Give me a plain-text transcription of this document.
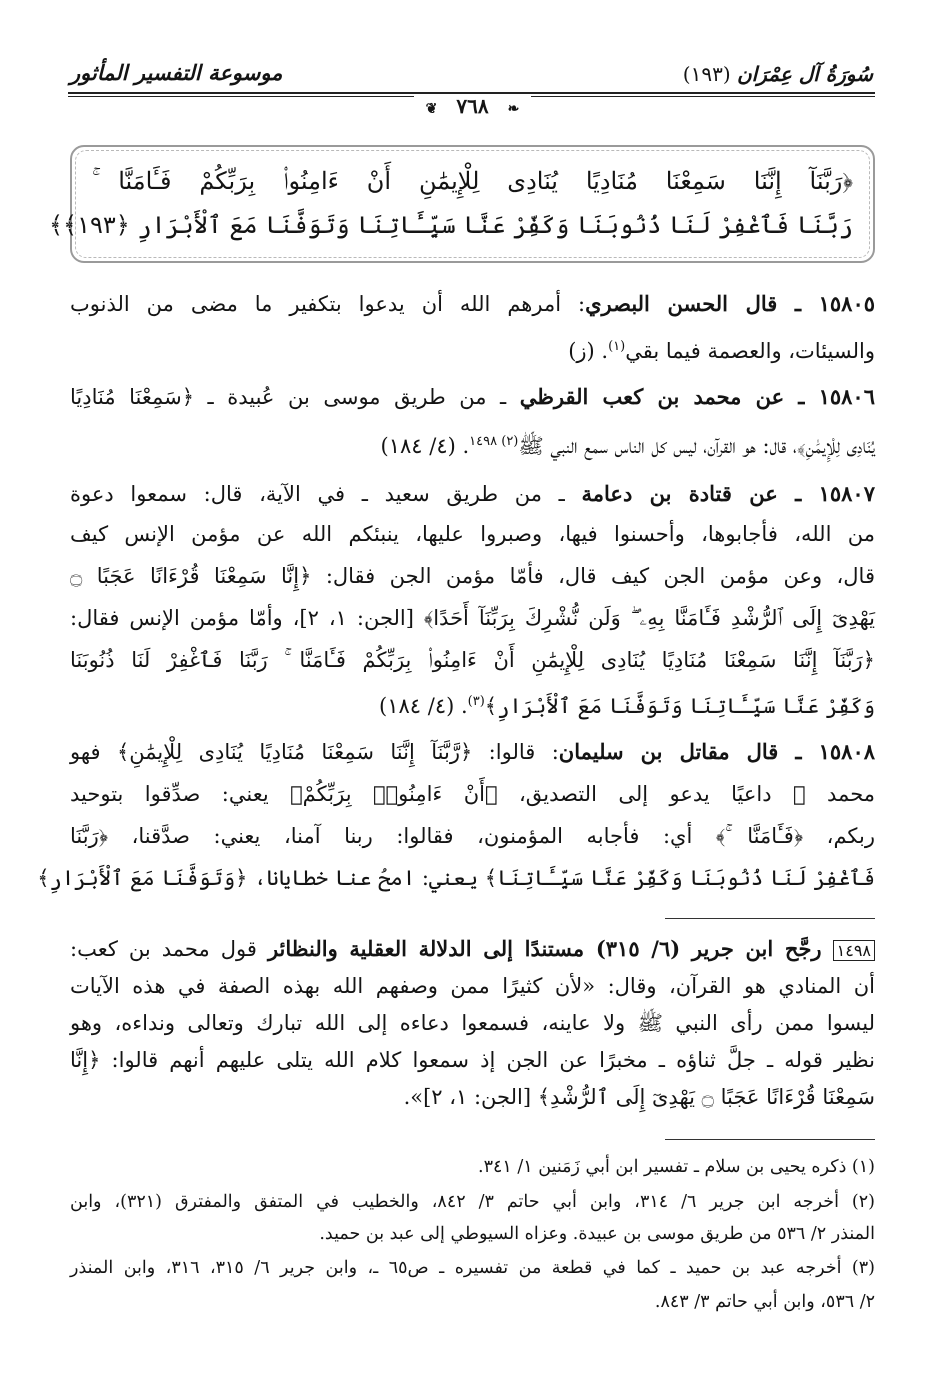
سُورَةُ آل عِمْرَان (١٩٣)
موسوعة التفسير المأثور
❦ ٧٦٨ ❧
﴿رَبَّنَآ إِنَّنَا سَمِعْنَا مُنَادِيًا يُنَادِى لِلْإِيمَٰنِ أَنْ ءَامِنُوا۟ بِرَبِّكُمْ فَـَٔامَنَّا ۚ
رَبَّنَا فَٱغْفِرْ لَنَا ذُنُوبَنَا وَكَفِّرْ عَنَّا سَيِّـَٔاتِنَا وَتَوَفَّنَا مَعَ ٱلْأَبْرَارِ ﴿١٩٣﴾﴾
١٥٨٠٥ ـ قال الحسن البصري: أمرهم الله أن يدعوا بتكفير ما مضى من الذنوب
والسيئات، والعصمة فيما بقي$^{(١)}$. (ز)
١٥٨٠٦ ـ عن محمد بن كعب القرظي ـ من طريق موسى بن عُبيدة ـ ﴿سَمِعْنَا مُنَادِيًا
يُنَادِى لِلْإِيمَٰنِ﴾، قال: هو القرآن، ليس كل الناس سمع النبي ﷺ$^{(٢) ١٤٩٨}$. (٤/ ١٨٤)
١٥٨٠٧ ـ عن قتادة بن دعامة ـ من طريق سعيد ـ في الآية، قال: سمعوا دعوة
من الله، فأجابوها، وأحسنوا فيها، وصبروا عليها، ينبئكم الله عن مؤمن الإنس كيف
قال، وعن مؤمن الجن كيف قال، فأمّا مؤمن الجن فقال: ﴿إِنَّا سَمِعْنَا قُرْءَانًا عَجَبًا ۝
يَهْدِىٓ إِلَى ٱلرُّشْدِ فَـَٔامَنَّا بِهِۦ ۖ وَلَن نُّشْرِكَ بِرَبِّنَآ أَحَدًا﴾ [الجن: ١، ٢]، وأمّا مؤمن الإنس فقال:
﴿رَبَّنَآ إِنَّنَا سَمِعْنَا مُنَادِيًا يُنَادِى لِلْإِيمَٰنِ أَنْ ءَامِنُوا۟ بِرَبِّكُمْ فَـَٔامَنَّا ۚ رَبَّنَا فَٱغْفِرْ لَنَا ذُنُوبَنَا
وَكَفِّرْ عَنَّا سَيِّـَٔاتِنَا وَتَوَفَّنَا مَعَ ٱلْأَبْرَارِ﴾$^{(٣)}$. (٤/ ١٨٤)
١٥٨٠٨ ـ قال مقاتل بن سليمان: قالوا: ﴿رَّبَّنَآ إِنَّنَا سَمِعْنَا مُنَادِيًا يُنَادِى لِلْإِيمَٰنِ﴾ فهو
محمد ﷺ داعيًا يدعو إلى التصديق، ﴿أَنْ ءَامِنُوا۟ بِرَبِّكُمْ﴾ يعني: صدِّقوا بتوحيد
ربكم، ﴿فَـَٔامَنَّا ۚ﴾ أي: فأجابه المؤمنون، فقالوا: ربنا آمنا، يعني: صدَّقنا، ﴿رَبَّنَا
فَٱغْفِرْ لَنَا ذُنُوبَنَا وَكَفِّرْ عَنَّا سَيِّـَٔاتِنَا﴾ يعني: امحُ عنا خطايانا، ﴿وَتَوَفَّنَا مَعَ ٱلْأَبْرَارِ﴾
١٤٩٨ رجَّح ابن جرير (٦/ ٣١٥) مستندًا إلى الدلالة العقلية والنظائر قول محمد بن كعب:
أن المنادي هو القرآن، وقال: «لأن كثيرًا ممن وصفهم الله بهذه الصفة في هذه الآيات
ليسوا ممن رأى النبي ﷺ ولا عاينه، فسمعوا دعاءه إلى الله تبارك وتعالى ونداءه، وهو
نظير قوله ـ جلَّ ثناؤه ـ مخبرًا عن الجن إذ سمعوا كلام الله يتلى عليهم أنهم قالوا: ﴿إِنَّا
سَمِعْنَا قُرْءَانًا عَجَبًا ۝ يَهْدِىٓ إِلَى ٱلرُّشْدِ﴾ [الجن: ١، ٢]».
(١) ذكره يحيى بن سلام ـ تفسير ابن أبي زَمَنين ١/ ٣٤١.
(٢) أخرجه ابن جرير ٦/ ٣١٤، وابن أبي حاتم ٣/ ٨٤٢، والخطيب في المتفق والمفترق (٣٢١)، وابن
المنذر ٢/ ٥٣٦ من طريق موسى بن عبيدة. وعزاه السيوطي إلى عبد بن حميد.
(٣) أخرجه عبد بن حميد ـ كما في قطعة من تفسيره ـ ص٦٥ ـ، وابن جرير ٦/ ٣١٥، ٣١٦، وابن المنذر
٢/ ٥٣٦، وابن أبي حاتم ٣/ ٨٤٣.
